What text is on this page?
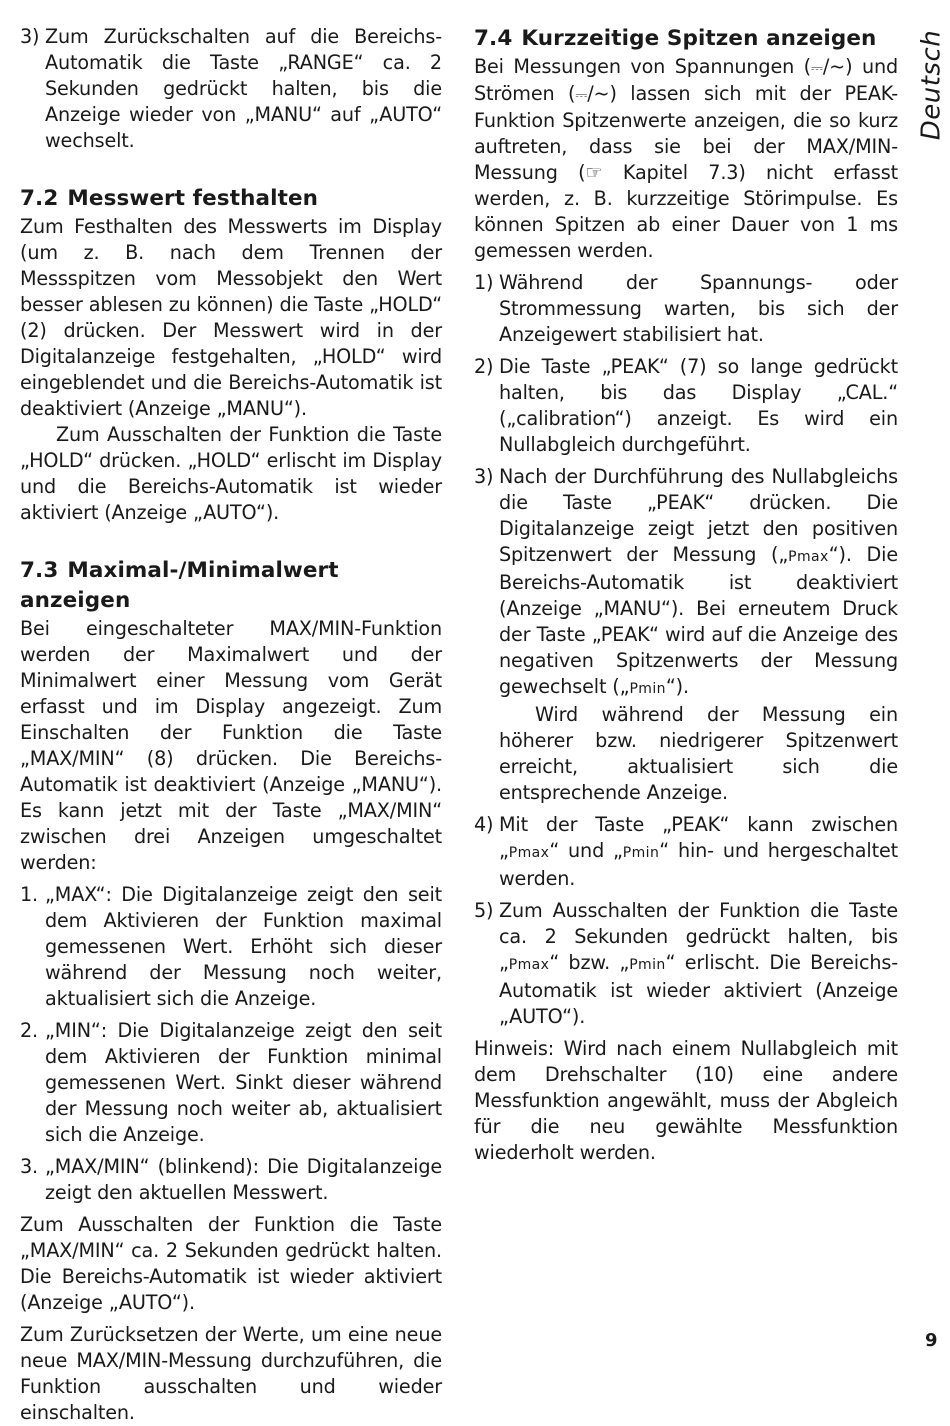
Deutsch
3) Zum Zurückschalten auf die Bereichs-Automatik die Taste „RANGE“ ca. 2 Sekunden gedrückt halten, bis die Anzeige wieder von „MANU“ auf „AUTO“ wechselt.

7.2 Messwert festhalten

Zum Festhalten des Messwerts im Display (um z. B. nach dem Trennen der Messspitzen vom Messobjekt den Wert besser ablesen zu können) die Taste „HOLD“ (2) drücken. Der Messwert wird in der Digitalanzeige festgehalten, „HOLD“ wird eingeblendet und die Bereichs-Automatik ist deaktiviert (Anzeige „MANU“).

Zum Ausschalten der Funktion die Taste „HOLD“ drücken. „HOLD“ erlischt im Display und die Bereichs-Automatik ist wieder aktiviert (Anzeige „AUTO“).

7.3 Maximal-/Minimalwert anzeigen

Bei eingeschalteter MAX/MIN-Funktion werden der Maximalwert und der Minimalwert einer Messung vom Gerät erfasst und im Display angezeigt. Zum Einschalten der Funktion die Taste „MAX/MIN“ (8) drücken. Die Bereichs-Automatik ist deaktiviert (Anzeige „MANU“). Es kann jetzt mit der Taste „MAX/MIN“ zwischen drei Anzeigen umgeschaltet werden:

1. „MAX“: Die Digitalanzeige zeigt den seit dem Aktivieren der Funktion maximal gemessenen Wert. Erhöht sich dieser während der Messung noch weiter, aktualisiert sich die Anzeige.

2. „MIN“: Die Digitalanzeige zeigt den seit dem Aktivieren der Funktion minimal gemessenen Wert. Sinkt dieser während der Messung noch weiter ab, aktualisiert sich die Anzeige.

3. „MAX/MIN“ (blinkend): Die Digitalanzeige zeigt den aktuellen Messwert.

Zum Ausschalten der Funktion die Taste „MAX/MIN“ ca. 2 Sekunden gedrückt halten. Die Bereichs-Automatik ist wieder aktiviert (Anzeige „AUTO“).

Zum Zurücksetzen der Werte, um eine neue neue MAX/MIN-Messung durchzuführen, die Funktion ausschalten und wieder einschalten.

7.4 Kurzzeitige Spitzen anzeigen

Bei Messungen von Spannungen (⎓/~) und Strömen (⎓/~) lassen sich mit der PEAK-Funktion Spitzenwerte anzeigen, die so kurz auftreten, dass sie bei der MAX/MIN-Messung (☞ Kapitel 7.3) nicht erfasst werden, z. B. kurzzeitige Störimpulse. Es können Spitzen ab einer Dauer von 1 ms gemessen werden.

1) Während der Spannungs- oder Strommessung warten, bis sich der Anzeigewert stabilisiert hat.

2) Die Taste „PEAK“ (7) so lange gedrückt halten, bis das Display „CAL.“ („calibration“) anzeigt. Es wird ein Nullabgleich durchgeführt.

3) Nach der Durchführung des Nullabgleichs die Taste „PEAK“ drücken. Die Digitalanzeige zeigt jetzt den positiven Spitzenwert der Messung („Pmax“). Die Bereichs-Automatik ist deaktiviert (Anzeige „MANU“). Bei erneutem Druck der Taste „PEAK“ wird auf die Anzeige des negativen Spitzenwerts der Messung gewechselt („Pmin“).

Wird während der Messung ein höherer bzw. niedrigerer Spitzenwert erreicht, aktualisiert sich die entsprechende Anzeige.

4) Mit der Taste „PEAK“ kann zwischen „Pmax“ und „Pmin“ hin- und hergeschaltet werden.

5) Zum Ausschalten der Funktion die Taste ca. 2 Sekunden gedrückt halten, bis „Pmax“ bzw. „Pmin“ erlischt. Die Bereichs-Automatik ist wieder aktiviert (Anzeige „AUTO“).

Hinweis: Wird nach einem Nullabgleich mit dem Drehschalter (10) eine andere Messfunktion angewählt, muss der Abgleich für die neu gewählte Messfunktion wiederholt werden.

9
